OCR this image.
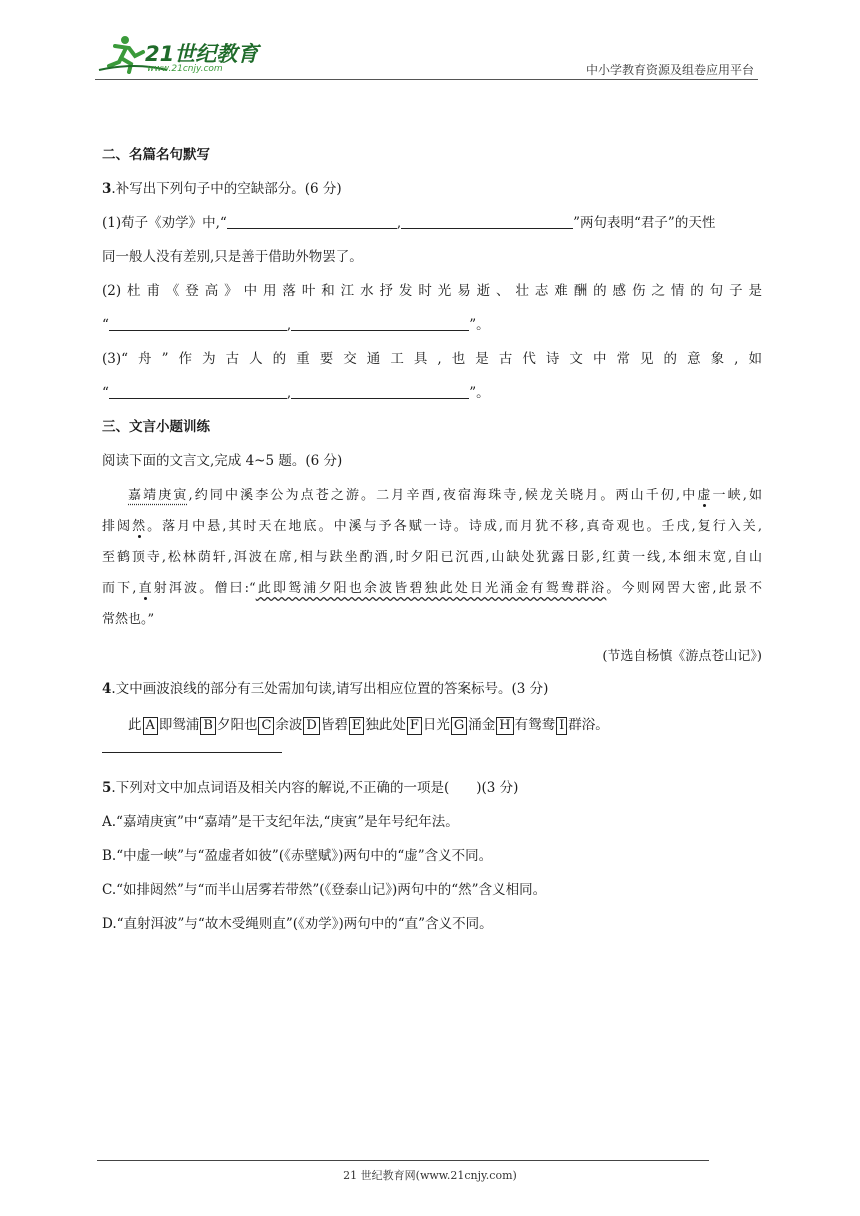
21世纪教育
www.21cnjy.com	中小学教育资源及组卷应用平台
二、名篇名句默写
3.补写出下列句子中的空缺部分。(6 分)
(1)荀子《劝学》中,“	,	”两句表明“君子”的天性
同一般人没有差别,只是善于借助外物罢了。
(2)杜甫《登高》中用落叶和江水抒发时光易逝、壮志难酬的感伤之情的句子是
“	,	”。
(3)“舟”作为古人的重要交通工具,也是古代诗文中常见的意象,如
“	,	”。
三、文言小题训练
阅读下面的文言文,完成 4~5 题。(6 分)
嘉靖庚寅,约同中溪李公为点苍之游。二月辛酉,夜宿海珠寺,候龙关晓月。两山千仞,中虚一峡,如
排闼然。落月中悬,其时天在地底。中溪与予各赋一诗。诗成,而月犹不移,真奇观也。壬戌,复行入关,
至鹤顶寺,松林荫轩,洱波在席,相与趺坐酌酒,时夕阳已沉西,山缺处犹露日影,红黄一线,本细末宽,自山
而下,直射洱波。僧曰:“此即鸳浦夕阳也余波皆碧独此处日光涌金有鸳鸯群浴。今则网罟大密,此景不
常然也。”
(节选自杨慎《游点苍山记》)
4.文中画波浪线的部分有三处需加句读,请写出相应位置的答案标号。(3 分)
此 A 即鸳浦 B 夕阳也 C 余波 D 皆碧 E 独此处 F 日光 G 涌金 H 有鸳鸯 I 群浴。
5.下列对文中加点词语及相关内容的解说,不正确的一项是(　　)(3 分)
A.“嘉靖庚寅”中“嘉靖”是干支纪年法,“庚寅”是年号纪年法。
B.“中虚一峡”与“盈虚者如彼”(《赤壁赋》)两句中的“虚”含义不同。
C.“如排闼然”与“而半山居雾若带然”(《登泰山记》)两句中的“然”含义相同。
D.“直射洱波”与“故木受绳则直”(《劝学》)两句中的“直”含义不同。
21 世纪教育网(www.21cnjy.com)
